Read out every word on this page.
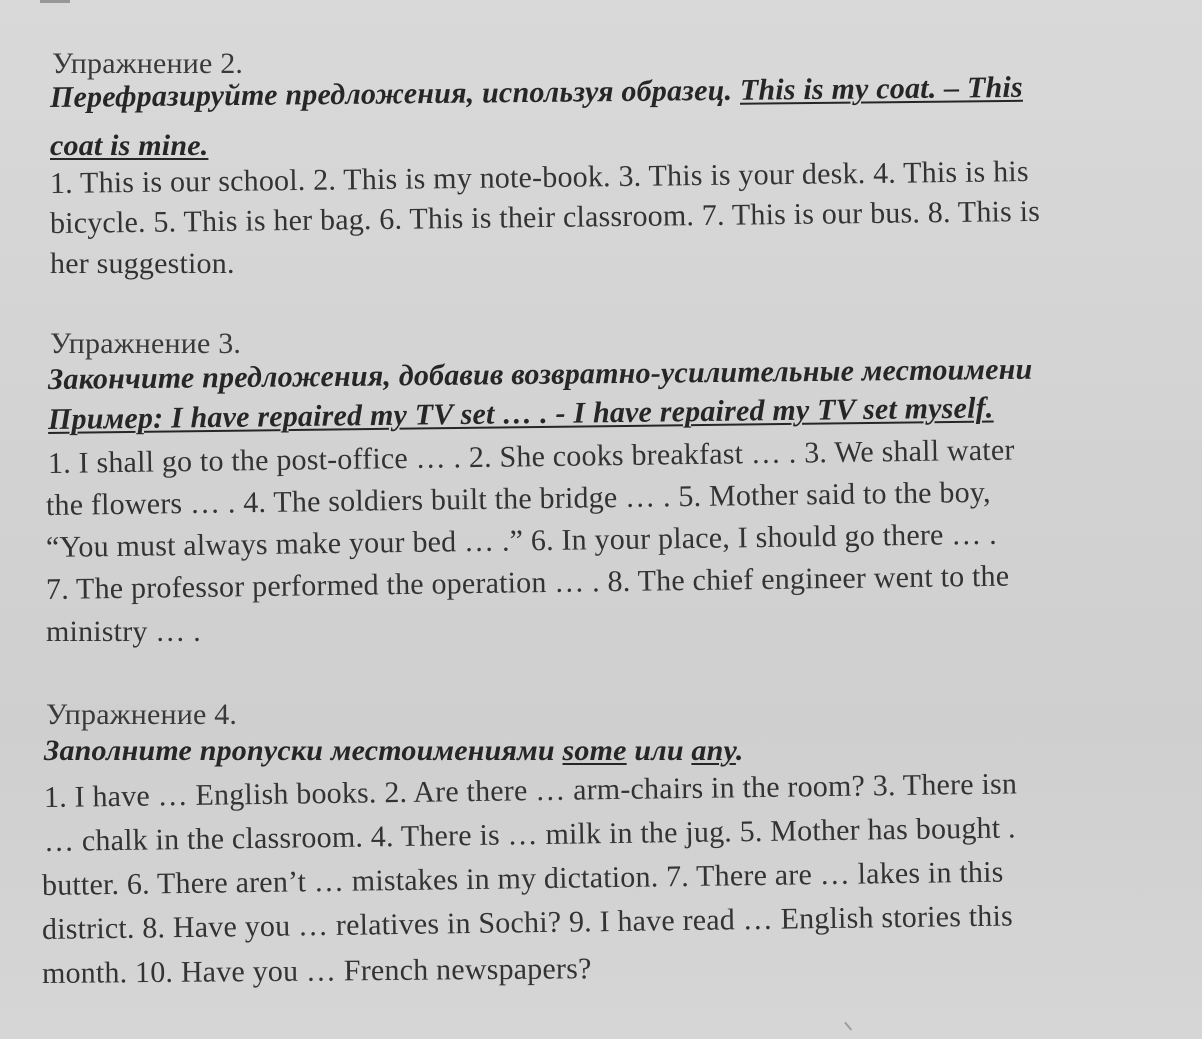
Упражнение 2.
Перефразируйте предложения, используя образец. This is my coat. – This
coat is mine.
1. This is our school. 2. This is my note-book. 3. This is your desk. 4. This is his
bicycle. 5. This is her bag. 6. This is their classroom. 7. This is our bus. 8. This is
her suggestion.
Упражнение 3.
Закончите предложения, добавив возвратно-усилительные местоимени
Пример: I have repaired my TV set … . - I have repaired my TV set myself.
1. I shall go to the post-office … . 2. She cooks breakfast … . 3. We shall water
the flowers … . 4. The soldiers built the bridge … . 5. Mother said to the boy,
“You must always make your bed … .” 6. In your place, I should go there … .
7. The professor performed the operation … . 8. The chief engineer went to the
ministry … .
Упражнение 4.
Заполните пропуски местоимениями some или any.
1. I have … English books. 2. Are there … arm-chairs in the room? 3. There isn
… chalk in the classroom. 4. There is … milk in the jug. 5. Mother has bought .
butter. 6. There aren’t … mistakes in my dictation. 7. There are … lakes in this
district. 8. Have you … relatives in Sochi? 9. I have read … English stories this
month. 10. Have you … French newspapers?
